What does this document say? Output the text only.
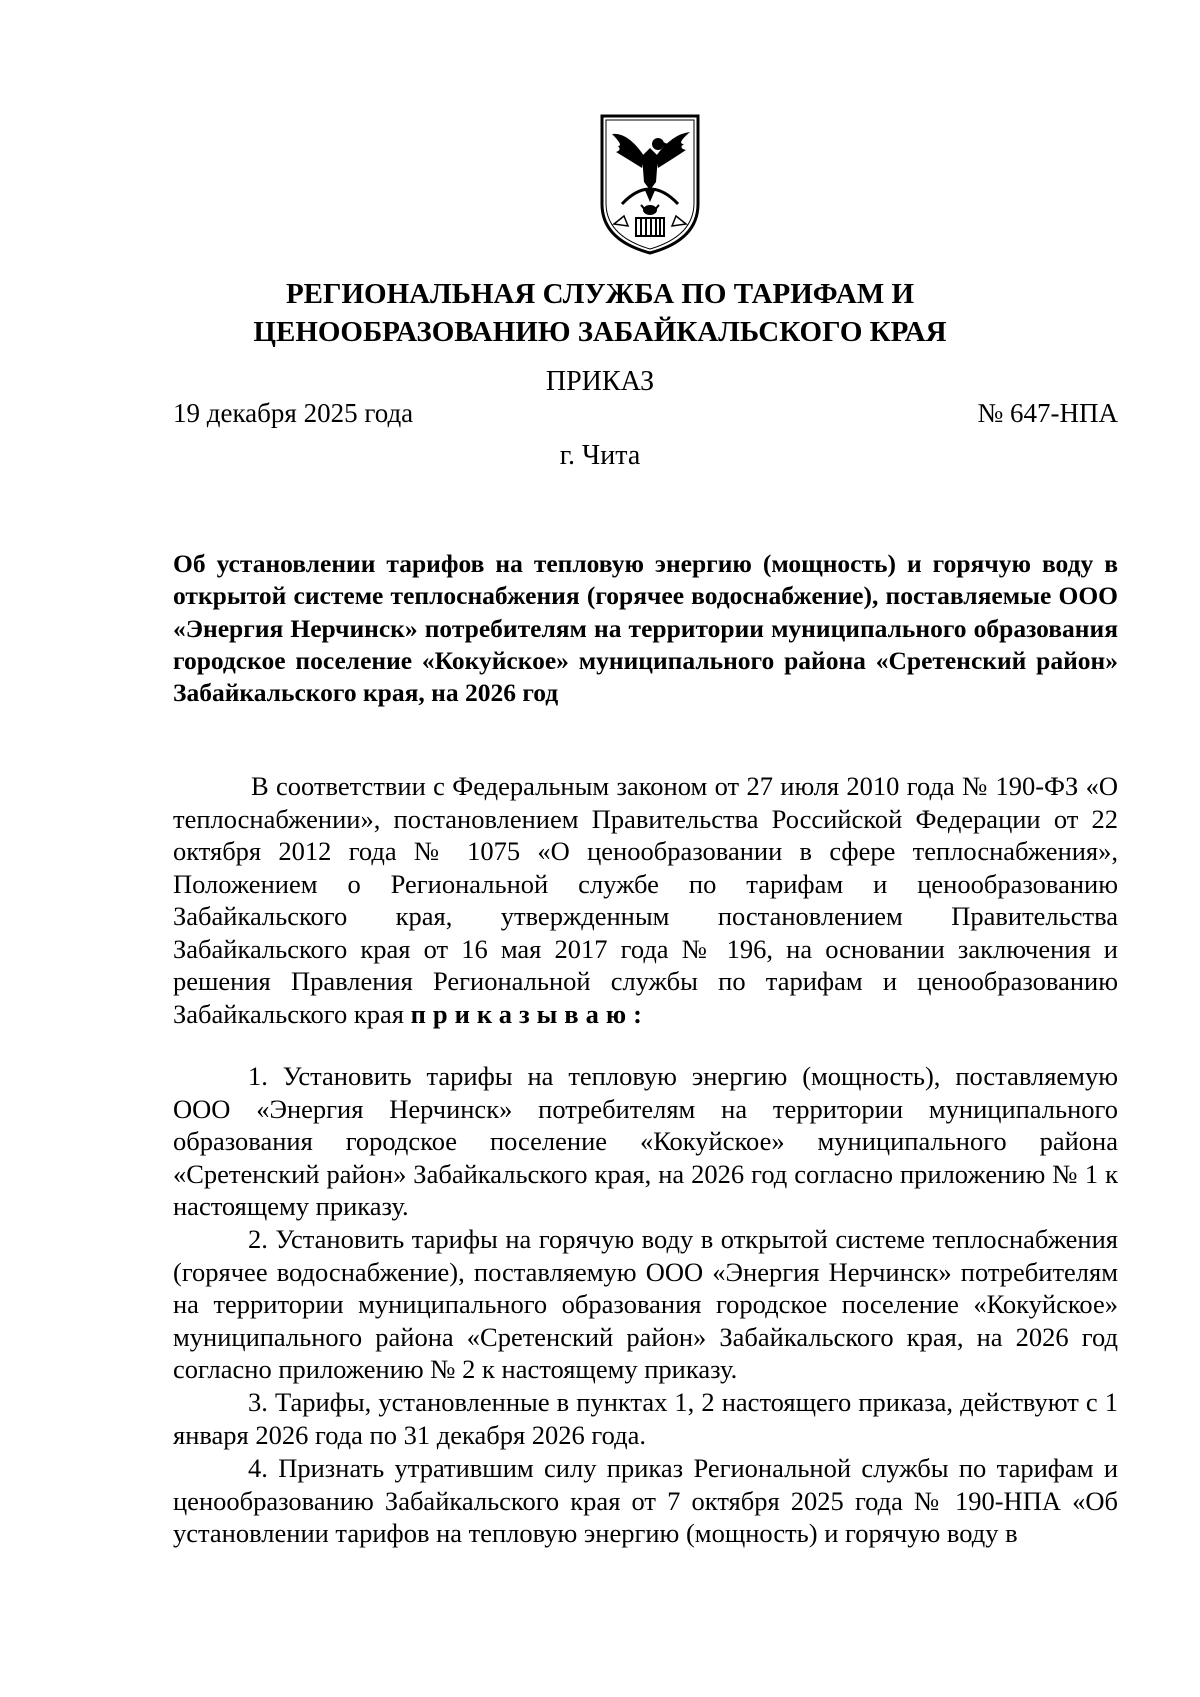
РЕГИОНАЛЬНАЯ СЛУЖБА ПО ТАРИФАМ И
ЦЕНООБРАЗОВАНИЮ ЗАБАЙКАЛЬСКОГО КРАЯ
ПРИКАЗ
19 декабря 2025 года	№ 647-НПА
г. Чита

Об установлении тарифов на тепловую энергию (мощность) и горячую воду в открытой системе теплоснабжения (горячее водоснабжение), поставляемые ООО «Энергия Нерчинск» потребителям на территории муниципального образования городское поселение «Кокуйское» муниципального района «Сретенский район» Забайкальского края, на 2026 год

В соответствии с Федеральным законом от 27 июля 2010 года № 190-ФЗ «О теплоснабжении», постановлением Правительства Российской Федерации от 22 октября 2012 года № 1075 «О ценообразовании в сфере теплоснабжения», Положением о Региональной службе по тарифам и ценообразованию Забайкальского края, утвержденным постановлением Правительства Забайкальского края от 16 мая 2017 года № 196, на основании заключения и решения Правления Региональной службы по тарифам и ценообразованию Забайкальского края приказываю:

1. Установить тарифы на тепловую энергию (мощность), поставляемую ООО «Энергия Нерчинск» потребителям на территории муниципального образования городское поселение «Кокуйское» муниципального района «Сретенский район» Забайкальского края, на 2026 год согласно приложению № 1 к настоящему приказу.

2. Установить тарифы на горячую воду в открытой системе теплоснабжения (горячее водоснабжение), поставляемую ООО «Энергия Нерчинск» потребителям на территории муниципального образования городское поселение «Кокуйское» муниципального района «Сретенский район» Забайкальского края, на 2026 год согласно приложению № 2 к настоящему приказу.

3. Тарифы, установленные в пунктах 1, 2 настоящего приказа, действуют с 1 января 2026 года по 31 декабря 2026 года.

4. Признать утратившим силу приказ Региональной службы по тарифам и ценообразованию Забайкальского края от 7 октября 2025 года № 190-НПА «Об установлении тарифов на тепловую энергию (мощность) и горячую воду в
